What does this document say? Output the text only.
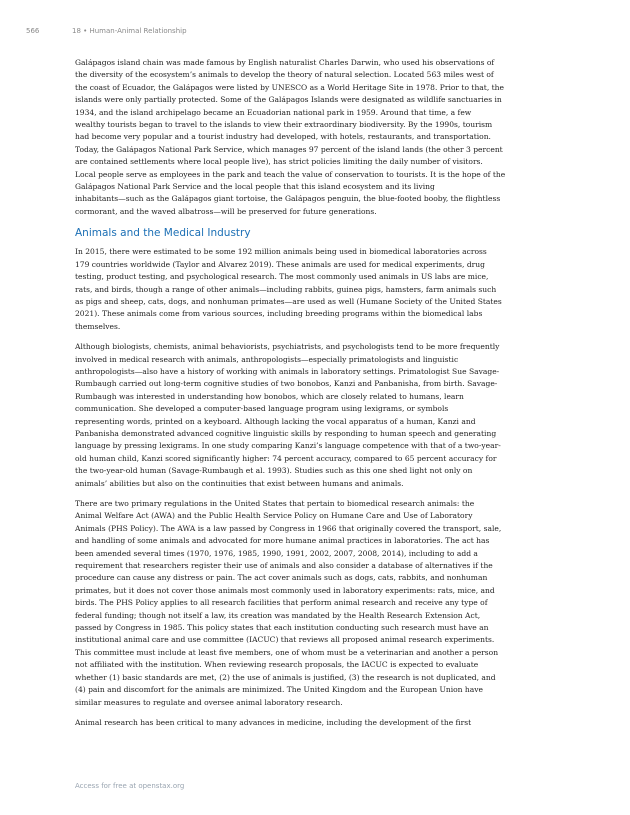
566	18 • Human-Animal Relationship

Galápagos island chain was made famous by English naturalist Charles Darwin, who used his observations of
the diversity of the ecosystem’s animals to develop the theory of natural selection. Located 563 miles west of
the coast of Ecuador, the Galápagos were listed by UNESCO as a World Heritage Site in 1978. Prior to that, the
islands were only partially protected. Some of the Galápagos Islands were designated as wildlife sanctuaries in
1934, and the island archipelago became an Ecuadorian national park in 1959. Around that time, a few
wealthy tourists began to travel to the islands to view their extraordinary biodiversity. By the 1990s, tourism
had become very popular and a tourist industry had developed, with hotels, restaurants, and transportation.
Today, the Galápagos National Park Service, which manages 97 percent of the island lands (the other 3 percent
are contained settlements where local people live), has strict policies limiting the daily number of visitors.
Local people serve as employees in the park and teach the value of conservation to tourists. It is the hope of the
Galápagos National Park Service and the local people that this island ecosystem and its living
inhabitants—such as the Galápagos giant tortoise, the Galápagos penguin, the blue-footed booby, the flightless
cormorant, and the waved albatross—will be preserved for future generations.

Animals and the Medical Industry

In 2015, there were estimated to be some 192 million animals being used in biomedical laboratories across
179 countries worldwide (Taylor and Alvarez 2019). These animals are used for medical experiments, drug
testing, product testing, and psychological research. The most commonly used animals in US labs are mice,
rats, and birds, though a range of other animals—including rabbits, guinea pigs, hamsters, farm animals such
as pigs and sheep, cats, dogs, and nonhuman primates—are used as well (Humane Society of the United States
2021). These animals come from various sources, including breeding programs within the biomedical labs
themselves.

Although biologists, chemists, animal behaviorists, psychiatrists, and psychologists tend to be more frequently
involved in medical research with animals, anthropologists—especially primatologists and linguistic
anthropologists—also have a history of working with animals in laboratory settings. Primatologist Sue Savage-
Rumbaugh carried out long-term cognitive studies of two bonobos, Kanzi and Panbanisha, from birth. Savage-
Rumbaugh was interested in understanding how bonobos, which are closely related to humans, learn
communication. She developed a computer-based language program using lexigrams, or symbols
representing words, printed on a keyboard. Although lacking the vocal apparatus of a human, Kanzi and
Panbanisha demonstrated advanced cognitive linguistic skills by responding to human speech and generating
language by pressing lexigrams. In one study comparing Kanzi’s language competence with that of a two-year-
old human child, Kanzi scored significantly higher: 74 percent accuracy, compared to 65 percent accuracy for
the two-year-old human (Savage-Rumbaugh et al. 1993). Studies such as this one shed light not only on
animals’ abilities but also on the continuities that exist between humans and animals.

There are two primary regulations in the United States that pertain to biomedical research animals: the
Animal Welfare Act (AWA) and the Public Health Service Policy on Humane Care and Use of Laboratory
Animals (PHS Policy). The AWA is a law passed by Congress in 1966 that originally covered the transport, sale,
and handling of some animals and advocated for more humane animal practices in laboratories. The act has
been amended several times (1970, 1976, 1985, 1990, 1991, 2002, 2007, 2008, 2014), including to add a
requirement that researchers register their use of animals and also consider a database of alternatives if the
procedure can cause any distress or pain. The act cover animals such as dogs, cats, rabbits, and nonhuman
primates, but it does not cover those animals most commonly used in laboratory experiments: rats, mice, and
birds. The PHS Policy applies to all research facilities that perform animal research and receive any type of
federal funding; though not itself a law, its creation was mandated by the Health Research Extension Act,
passed by Congress in 1985. This policy states that each institution conducting such research must have an
institutional animal care and use committee (IACUC) that reviews all proposed animal research experiments.
This committee must include at least five members, one of whom must be a veterinarian and another a person
not affiliated with the institution. When reviewing research proposals, the IACUC is expected to evaluate
whether (1) basic standards are met, (2) the use of animals is justified, (3) the research is not duplicated, and
(4) pain and discomfort for the animals are minimized. The United Kingdom and the European Union have
similar measures to regulate and oversee animal laboratory research.

Animal research has been critical to many advances in medicine, including the development of the first

Access for free at openstax.org
